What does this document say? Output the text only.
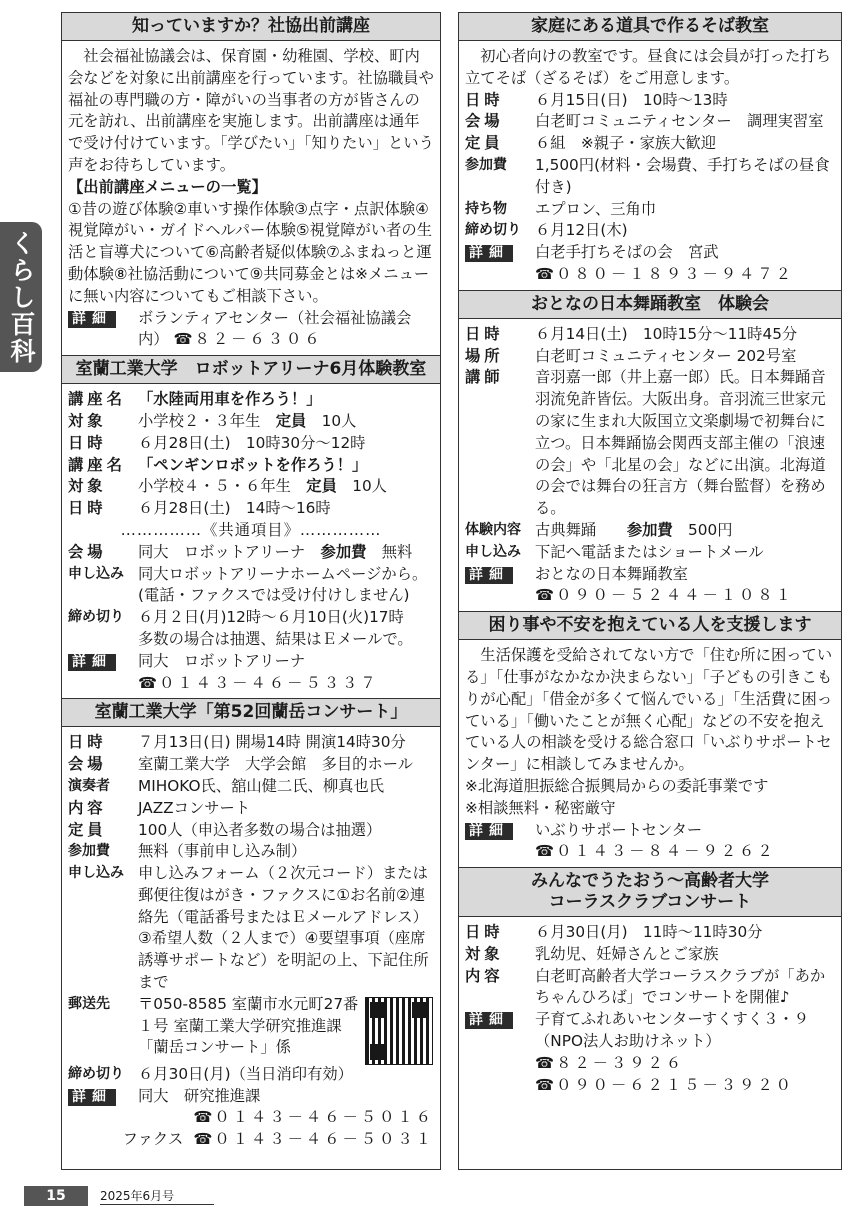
くらし百科
知っていますか？社協出前講座
社会福祉協議会は、保育園・幼稚園、学校、町内会などを対象に出前講座を行っています。社協職員や福祉の専門職の方・障がいの当事者の方が皆さんの元を訪れ、出前講座を実施します。出前講座は通年で受け付けています。「学びたい」「知りたい」という声をお待ちしています。
【出前講座メニューの一覧】
①昔の遊び体験②車いす操作体験③点字・点訳体験④視覚障がい・ガイドヘルパー体験⑤視覚障がい者の生活と盲導犬について⑥高齢者疑似体験⑦ふまねっと運動体験⑧社協活動について⑨共同募金とは※メニューに無い内容についてもご相談下さい。
詳細	ボランティアセンター（社会福祉協議会内） ☎ ８２－６３０６
室蘭工業大学　ロボットアリーナ6月体験教室
講座名 「水陸両用車を作ろう！」
対象	小学校２・３年生　 定員　 10人
日時	６月28日(土)　10時30分～12時
講座名 「ペンギンロボットを作ろう！」
対象	小学校４・５・６年生　 定員　 10人
日時	６月28日(土)　14時～16時
……………《共通項目》……………
会場	同大　ロボットアリーナ　 参加費　 無料
申し込み 同大ロボットアリーナホームページから。(電話・ファクスでは受け付けしません)
締め切り ６月２日(月)12時～６月10日(火)17時　多数の場合は抽選、結果はＥメールで。
詳細	同大　ロボットアリーナ
☎ ０１４３－４６－５３３７
室蘭工業大学「第52回蘭岳コンサート」
日時	７月13日(日) 開場14時 開演14時30分
会場	室蘭工業大学　大学会館　多目的ホール
演奏者	MIHOKO氏、舘山健二氏、柳真也氏
内容	JAZZコンサート
定員	100人（申込者多数の場合は抽選）
参加費	無料（事前申し込み制）
申し込み 申し込みフォーム（２次元コード）または郵便往復はがき・ファクスに①お名前②連絡先（電話番号またはＥメールアドレス）③希望人数（２人まで）④要望事項（座席誘導サポートなど）を明記の上、下記住所まで
郵送先	〒050-8585 室蘭市水元町27番１号 室蘭工業大学研究推進課「蘭岳コンサート」係
締め切り ６月30日(月)（当日消印有効）
詳細	同大　研究推進課
☎ ０１４３－４６－５０１６
ファクス ☎ ０１４３－４６－５０３１
家庭にある道具で作るそば教室
初心者向けの教室です。昼食には会員が打った打ち立てそば（ざるそば）をご用意します。
日時	６月15日(日)　10時～13時
会場	白老町コミュニティセンター　調理実習室
定員	６組　※親子・家族大歓迎
参加費	1,500円(材料・会場費、手打ちそばの昼食付き)
持ち物	エプロン、三角巾
締め切り ６月12日(木)
詳細	白老手打ちそばの会　宮武
☎ ０８０－１８９３－９４７２
おとなの日本舞踊教室　体験会
日時	６月14日(土)　10時15分～11時45分
場所	白老町コミュニティセンター 202号室
講師	音羽嘉一郎（井上嘉一郎）氏。日本舞踊音羽流免許皆伝。大阪出身。音羽流三世家元の家に生まれ大阪国立文楽劇場で初舞台に立つ。日本舞踊協会関西支部主催の「浪速の会」や「北星の会」などに出演。北海道の会では舞台の狂言方（舞台監督）を務める。
体験内容 古典舞踊　　 参加費　 500円
申し込み 下記へ電話またはショートメール
詳細	おとなの日本舞踊教室
☎ ０９０－５２４４－１０８１
困り事や不安を抱えている人を支援します
生活保護を受給されてない方で「住む所に困っている」「仕事がなかなか決まらない」「子どもの引きこもりが心配」「借金が多くて悩んでいる」「生活費に困っている」「働いたことが無く心配」などの不安を抱えている人の相談を受ける総合窓口「いぶりサポートセンター」に相談してみませんか。
※北海道胆振総合振興局からの委託事業です
※相談無料・秘密厳守
詳細	いぶりサポートセンター
☎ ０１４３－８４－９２６２
みんなでうたおう～高齢者大学
コーラスクラブコンサート
日時	６月30日(月)　11時～11時30分
対象	乳幼児、妊婦さんとご家族
内容	白老町高齢者大学コーラスクラブが「あかちゃんひろば」でコンサートを開催♪
詳細	子育てふれあいセンターすくすく３・９（NPO法人お助けネット）
☎ ８２－３９２６
☎ ０９０－６２１５－３９２０
15	2025年6月号
